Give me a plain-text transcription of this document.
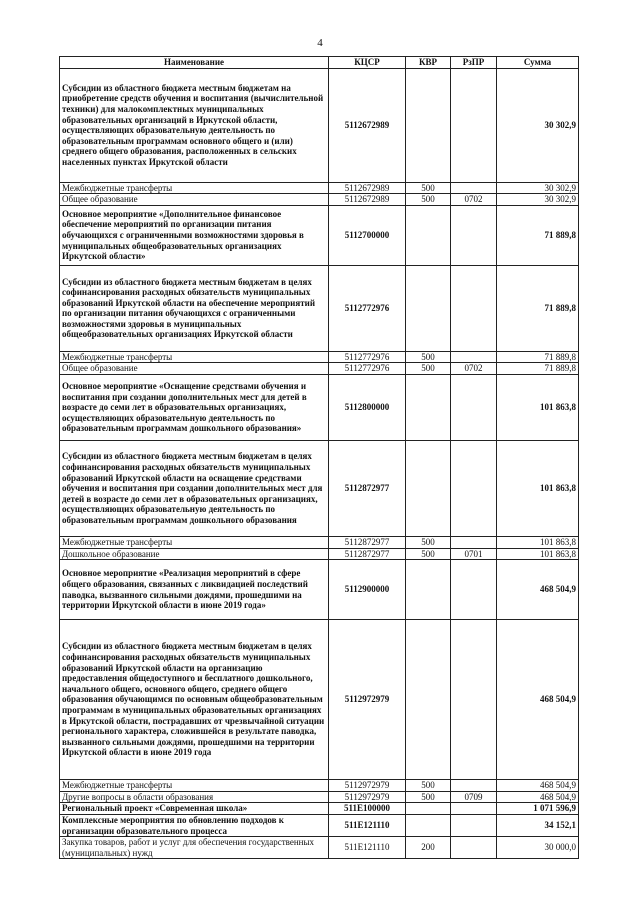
4
Наименование	КЦСР	КВР	РзПР	Сумма
Субсидии из областного бюджета местным бюджетам на приобретение средств обучения и воспитания (вычислительной техники) для малокомплектных муниципальных образовательных организаций в Иркутской области, осуществляющих образовательную деятельность по образовательным программам основного общего и (или) среднего общего образования, расположенных в сельских населенных пунктах Иркутской области	5112672989			30 302,9
Межбюджетные трансферты	5112672989	500		30 302,9
Общее образование	5112672989	500	0702	30 302,9
Основное мероприятие «Дополнительное финансовое обеспечение мероприятий по организации питания обучающихся с ограниченными возможностями здоровья в муниципальных общеобразовательных организациях Иркутской области»	5112700000			71 889,8
Субсидии из областного бюджета местным бюджетам в целях софинансирования расходных обязательств муниципальных образований Иркутской области на обеспечение мероприятий по организации питания обучающихся с ограниченными возможностями здоровья в муниципальных общеобразовательных организациях Иркутской области	5112772976			71 889,8
Межбюджетные трансферты	5112772976	500		71 889,8
Общее образование	5112772976	500	0702	71 889,8
Основное мероприятие «Оснащение средствами обучения и воспитания при создании дополнительных мест для детей в возрасте до семи лет в образовательных организациях, осуществляющих образовательную деятельность по образовательным программам дошкольного образования»	5112800000			101 863,8
Субсидии из областного бюджета местным бюджетам в целях софинансирования расходных обязательств муниципальных образований Иркутской области на оснащение средствами обучения и воспитания при создании дополнительных мест для детей в возрасте до семи лет в образовательных организациях, осуществляющих образовательную деятельность по образовательным программам дошкольного образования	5112872977			101 863,8
Межбюджетные трансферты	5112872977	500		101 863,8
Дошкольное образование	5112872977	500	0701	101 863,8
Основное мероприятие «Реализация мероприятий в сфере общего образования, связанных с ликвидацией последствий паводка, вызванного сильными дождями, прошедшими на территории Иркутской области в июне 2019 года»	5112900000			468 504,9
Субсидии из областного бюджета местным бюджетам в целях софинансирования расходных обязательств муниципальных образований Иркутской области на организацию предоставления общедоступного и бесплатного дошкольного, начального общего, основного общего, среднего общего образования обучающимся по основным общеобразовательным программам в муниципальных образовательных организациях в Иркутской области, пострадавших от чрезвычайной ситуации регионального характера, сложившейся в результате паводка, вызванного сильными дождями, прошедшими на территории Иркутской области в июне 2019 года	5112972979			468 504,9
Межбюджетные трансферты	5112972979	500		468 504,9
Другие вопросы в области образования	5112972979	500	0709	468 504,9
Региональный проект «Современная школа»	511E100000			1 071 596,9
Комплексные мероприятия по обновлению подходов к организации образовательного процесса	511E121110			34 152,1
Закупка товаров, работ и услуг для обеспечения государственных (муниципальных) нужд	511E121110	200		30 000,0
